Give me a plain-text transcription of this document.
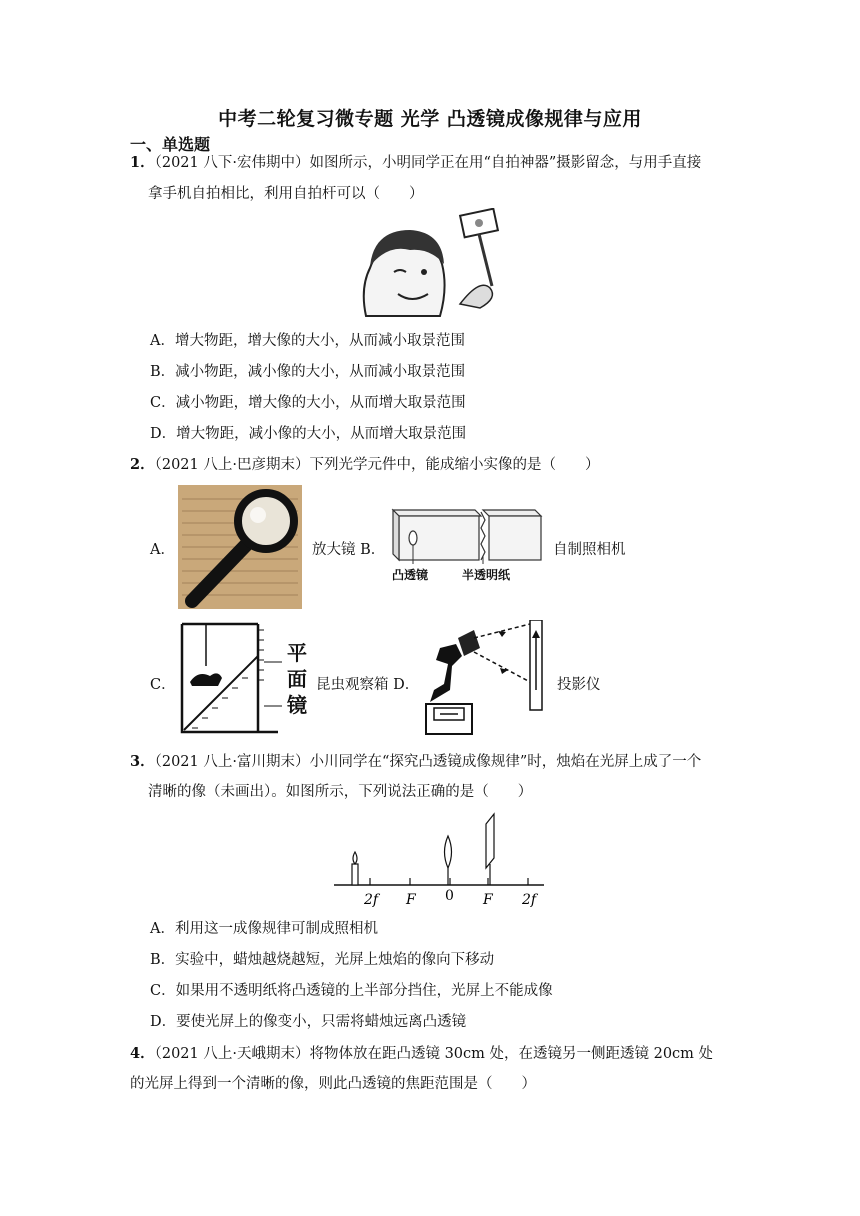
中考二轮复习微专题 光学 凸透镜成像规律与应用
一、单选题
1．（2021 八下·宏伟期中）如图所示，小明同学正在用“自拍神器”摄影留念，与用手直接
拿手机自拍相比，利用自拍杆可以（　　）
A．增大物距，增大像的大小，从而减小取景范围
B．减小物距，减小像的大小，从而减小取景范围
C．减小物距，增大像的大小，从而增大取景范围
D．增大物距，减小像的大小，从而增大取景范围
2．（2021 八上·巴彦期末）下列光学元件中，能成缩小实像的是（　　）
A．	放大镜 B．
凸透镜	半透明纸
自制照相机
C．
平
面
镜
昆虫观察箱 D．	投影仪
3．（2021 八上·富川期末）小川同学在“探究凸透镜成像规律”时，烛焰在光屏上成了一个
清晰的像（未画出）。如图所示，下列说法正确的是（　　）
2f F 0 F 2f
A．利用这一成像规律可制成照相机
B．实验中，蜡烛越烧越短，光屏上烛焰的像向下移动
C．如果用不透明纸将凸透镜的上半部分挡住，光屏上不能成像
D．要使光屏上的像变小，只需将蜡烛远离凸透镜
4．（2021 八上·天峨期末）将物体放在距凸透镜 30cm 处，在透镜另一侧距透镜 20cm 处
的光屏上得到一个清晰的像，则此凸透镜的焦距范围是（　　）
